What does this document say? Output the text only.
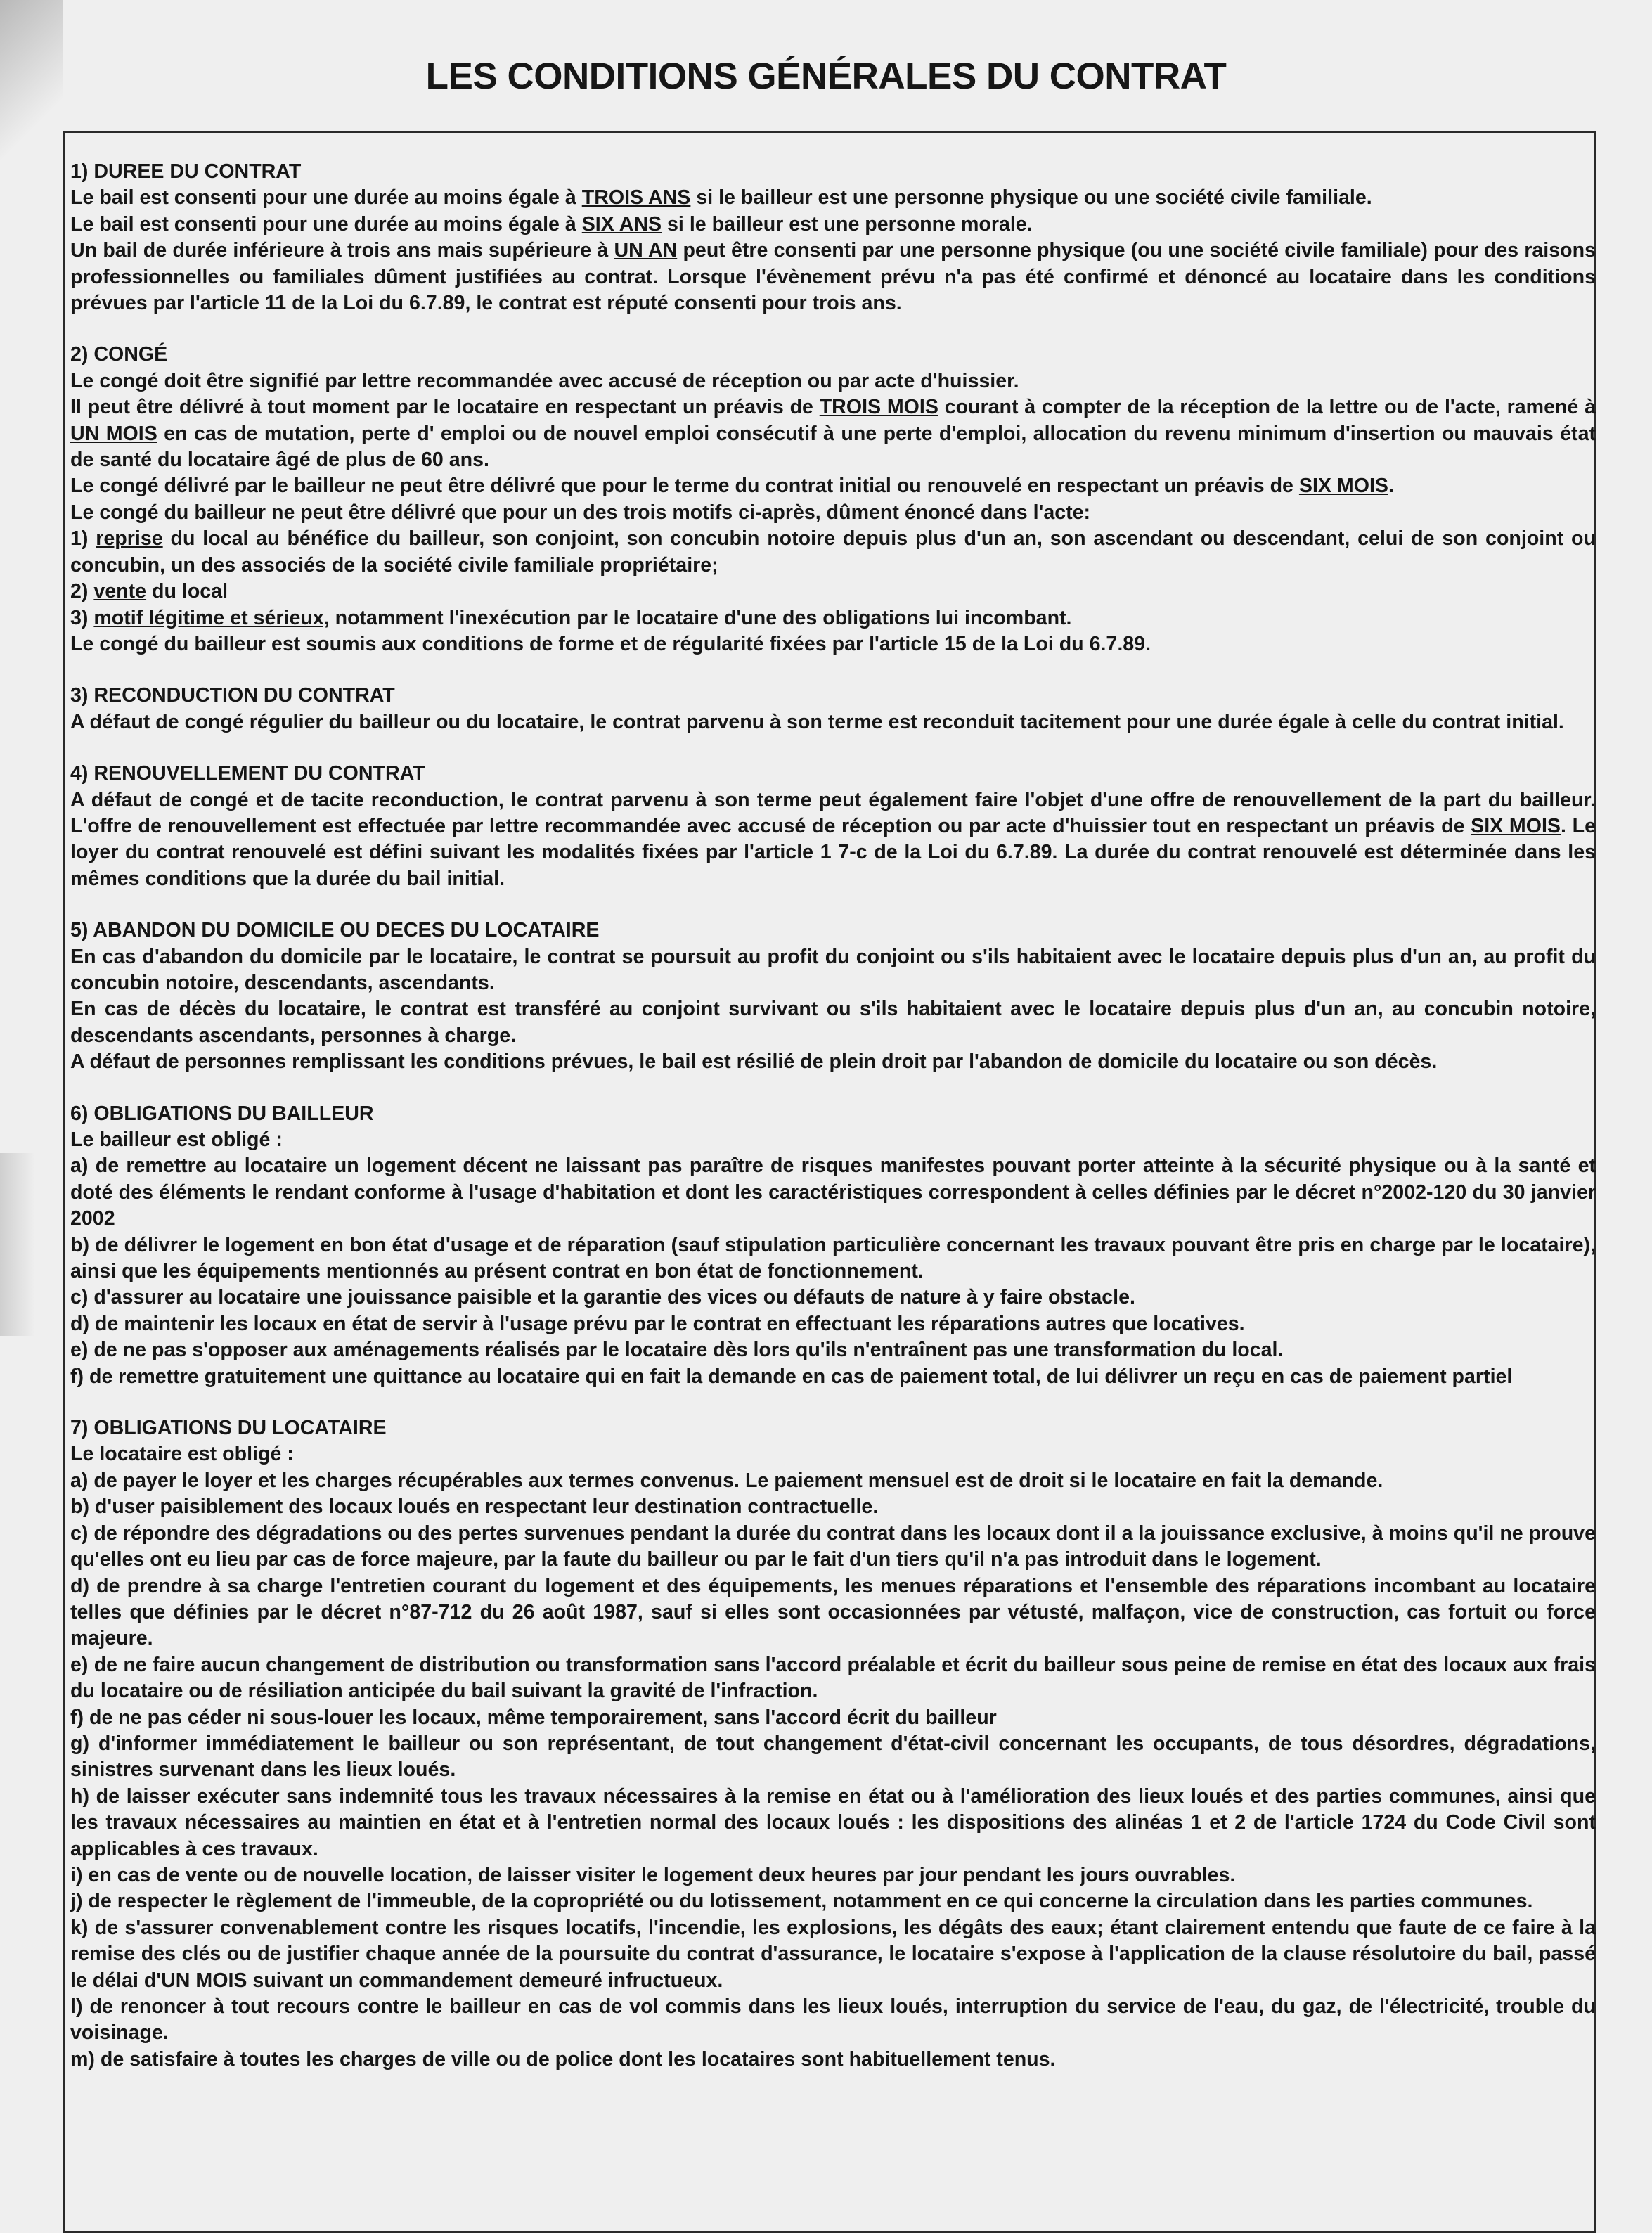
LES CONDITIONS GÉNÉRALES DU CONTRAT

1) DUREE DU CONTRAT

Le bail est consenti pour une durée au moins égale à TROIS ANS si le bailleur est une personne physique ou une société civile familiale.

Le bail est consenti pour une durée au moins égale à SIX ANS si le bailleur est une personne morale.

Un bail de durée inférieure à trois ans mais supérieure à UN AN peut être consenti par une personne physique (ou une société civile familiale) pour des raisons professionnelles ou familiales dûment justifiées au contrat. Lorsque l'évènement prévu n'a pas été confirmé et dénoncé au locataire dans les conditions prévues par l'article 11 de la Loi du 6.7.89, le contrat est réputé consenti pour trois ans.

2) CONGÉ

Le congé doit être signifié par lettre recommandée avec accusé de réception ou par acte d'huissier.

Il peut être délivré à tout moment par le locataire en respectant un préavis de TROIS MOIS courant à compter de la réception de la lettre ou de l'acte, ramené à UN MOIS en cas de mutation, perte d' emploi ou de nouvel emploi consécutif à une perte d'emploi, allocation du revenu minimum d'insertion ou mauvais état de santé du locataire âgé de plus de 60 ans.

Le congé délivré par le bailleur ne peut être délivré que pour le terme du contrat initial ou renouvelé en respectant un préavis de SIX MOIS.

Le congé du bailleur ne peut être délivré que pour un des trois motifs ci-après, dûment énoncé dans l'acte:

1) reprise du local au bénéfice du bailleur, son conjoint, son concubin notoire depuis plus d'un an, son ascendant ou descendant, celui de son conjoint ou concubin, un des associés de la société civile familiale propriétaire;

2) vente du local

3) motif légitime et sérieux, notamment l'inexécution par le locataire d'une des obligations lui incombant.

Le congé du bailleur est soumis aux conditions de forme et de régularité fixées par l'article 15 de la Loi du 6.7.89.

3) RECONDUCTION DU CONTRAT

A défaut de congé régulier du bailleur ou du locataire, le contrat parvenu à son terme est reconduit tacitement pour une durée égale à celle du contrat initial.

4) RENOUVELLEMENT DU CONTRAT

A défaut de congé et de tacite reconduction, le contrat parvenu à son terme peut également faire l'objet d'une offre de renouvellement de la part du bailleur. L'offre de renouvellement est effectuée par lettre recommandée avec accusé de réception ou par acte d'huissier tout en respectant un préavis de SIX MOIS. Le loyer du contrat renouvelé est défini suivant les modalités fixées par l'article 1 7-c de la Loi du 6.7.89. La durée du contrat renouvelé est déterminée dans les mêmes conditions que la durée du bail initial.

5) ABANDON DU DOMICILE OU DECES DU LOCATAIRE

En cas d'abandon du domicile par le locataire, le contrat se poursuit au profit du conjoint ou s'ils habitaient avec le locataire depuis plus d'un an, au profit du concubin notoire, descendants, ascendants.

En cas de décès du locataire, le contrat est transféré au conjoint survivant ou s'ils habitaient avec le locataire depuis plus d'un an, au concubin notoire, descendants ascendants, personnes à charge.

A défaut de personnes remplissant les conditions prévues, le bail est résilié de plein droit par l'abandon de domicile du locataire ou son décès.

6) OBLIGATIONS DU BAILLEUR

Le bailleur est obligé :

a) de remettre au locataire un logement décent ne laissant pas paraître de risques manifestes pouvant porter atteinte à la sécurité physique ou à la santé et doté des éléments le rendant conforme à l'usage d'habitation et dont les caractéristiques correspondent à celles définies par le décret n°2002-120 du 30 janvier 2002

b) de délivrer le logement en bon état d'usage et de réparation (sauf stipulation particulière concernant les travaux pouvant être pris en charge par le locataire), ainsi que les équipements mentionnés au présent contrat en bon état de fonctionnement.

c) d'assurer au locataire une jouissance paisible et la garantie des vices ou défauts de nature à y faire obstacle.

d) de maintenir les locaux en état de servir à l'usage prévu par le contrat en effectuant les réparations autres que locatives.

e) de ne pas s'opposer aux aménagements réalisés par le locataire dès lors qu'ils n'entraînent pas une transformation du local.

f) de remettre gratuitement une quittance au locataire qui en fait la demande en cas de paiement total, de lui délivrer un reçu en cas de paiement partiel

7) OBLIGATIONS DU LOCATAIRE

Le locataire est obligé :

a) de payer le loyer et les charges récupérables aux termes convenus. Le paiement mensuel est de droit si le locataire en fait la demande.

b) d'user paisiblement des locaux loués en respectant leur destination contractuelle.

c) de répondre des dégradations ou des pertes survenues pendant la durée du contrat dans les locaux dont il a la jouissance exclusive, à moins qu'il ne prouve qu'elles ont eu lieu par cas de force majeure, par la faute du bailleur ou par le fait d'un tiers qu'il n'a pas introduit dans le logement.

d) de prendre à sa charge l'entretien courant du logement et des équipements, les menues réparations et l'ensemble des réparations incombant au locataire telles que définies par le décret n°87-712 du 26 août 1987, sauf si elles sont occasionnées par vétusté, malfaçon, vice de construction, cas fortuit ou force majeure.

e) de ne faire aucun changement de distribution ou transformation sans l'accord préalable et écrit du bailleur sous peine de remise en état des locaux aux frais du locataire ou de résiliation anticipée du bail suivant la gravité de l'infraction.

f) de ne pas céder ni sous-louer les locaux, même temporairement, sans l'accord écrit du bailleur

g) d'informer immédiatement le bailleur ou son représentant, de tout changement d'état-civil concernant les occupants, de tous désordres, dégradations, sinistres survenant dans les lieux loués.

h) de laisser exécuter sans indemnité tous les travaux nécessaires à la remise en état ou à l'amélioration des lieux loués et des parties communes, ainsi que les travaux nécessaires au maintien en état et à l'entretien normal des locaux loués : les dispositions des alinéas 1 et 2 de l'article 1724 du Code Civil sont applicables à ces travaux.

i) en cas de vente ou de nouvelle location, de laisser visiter le logement deux heures par jour pendant les jours ouvrables.

j) de respecter le règlement de l'immeuble, de la copropriété ou du lotissement, notamment en ce qui concerne la circulation dans les parties communes.

k) de s'assurer convenablement contre les risques locatifs, l'incendie, les explosions, les dégâts des eaux; étant clairement entendu que faute de ce faire à la remise des clés ou de justifier chaque année de la poursuite du contrat d'assurance, le locataire s'expose à l'application de la clause résolutoire du bail, passé le délai d'UN MOIS suivant un commandement demeuré infructueux.

l) de renoncer à tout recours contre le bailleur en cas de vol commis dans les lieux loués, interruption du service de l'eau, du gaz, de l'électricité, trouble du voisinage.

m) de satisfaire à toutes les charges de ville ou de police dont les locataires sont habituellement tenus.
